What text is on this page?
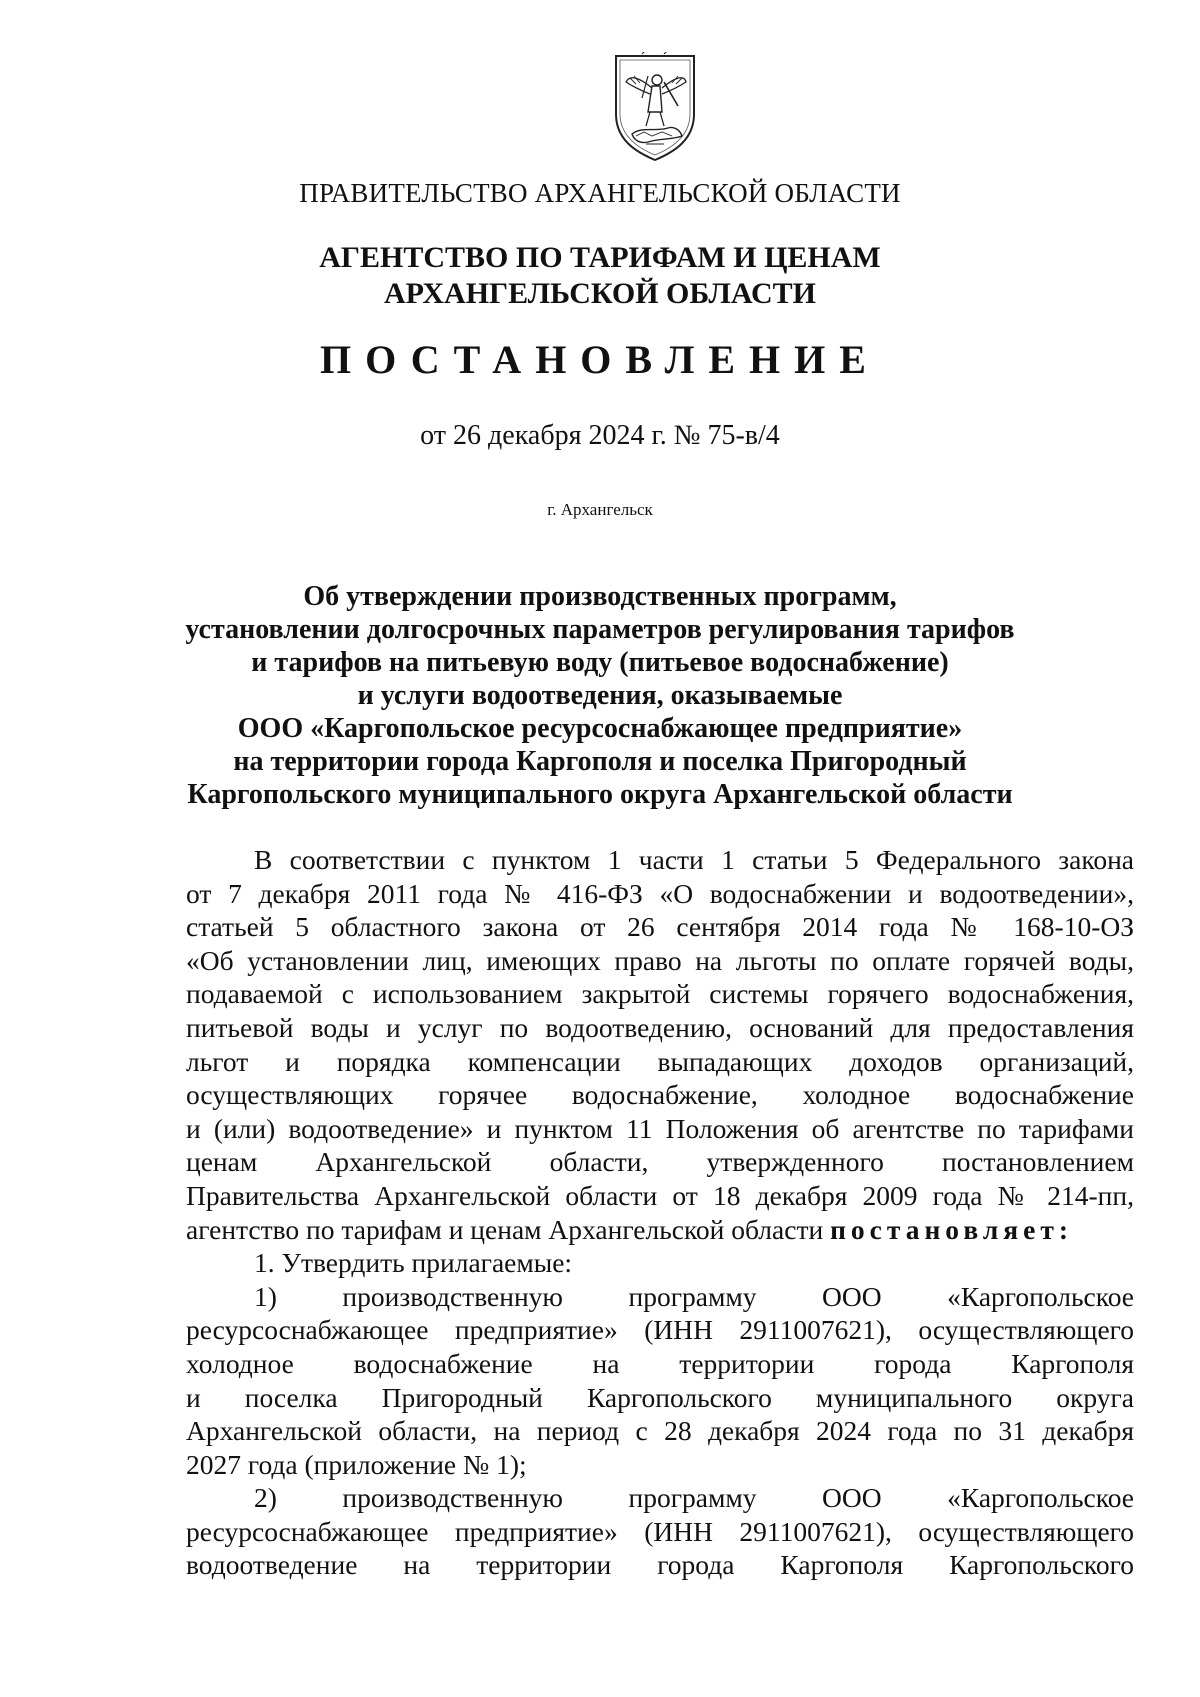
ПРАВИТЕЛЬСТВО АРХАНГЕЛЬСКОЙ ОБЛАСТИ
АГЕНТСТВО ПО ТАРИФАМ И ЦЕНАМ
АРХАНГЕЛЬСКОЙ ОБЛАСТИ
ПОСТАНОВЛЕНИЕ
от 26 декабря 2024 г. № 75-в/4
г. Архангельск
Об утверждении производственных программ,
установлении долгосрочных параметров регулирования тарифов
и тарифов на питьевую воду (питьевое водоснабжение)
и услуги водоотведения, оказываемые
ООО «Каргопольское ресурсоснабжающее предприятие»
на территории города Каргополя и поселка Пригородный
Каргопольского муниципального округа Архангельской области
В соответствии с пунктом 1 части 1 статьи 5 Федерального закона
от 7 декабря 2011 года № 416-ФЗ «О водоснабжении и водоотведении»,
статьей 5 областного закона от 26 сентября 2014 года № 168-10-ОЗ
«Об установлении лиц, имеющих право на льготы по оплате горячей воды,
подаваемой с использованием закрытой системы горячего водоснабжения,
питьевой воды и услуг по водоотведению, оснований для предоставления
льгот и порядка компенсации выпадающих доходов организаций,
осуществляющих горячее водоснабжение, холодное водоснабжение
и (или) водоотведение» и пунктом 11 Положения об агентстве по тарифами
ценам Архангельской области, утвержденного постановлением
Правительства Архангельской области от 18 декабря 2009 года № 214-пп,
агентство по тарифам и ценам Архангельской области постановляет:
1. Утвердить прилагаемые:
1) производственную программу ООО «Каргопольское
ресурсоснабжающее предприятие» (ИНН 2911007621), осуществляющего
холодное водоснабжение на территории города Каргополя
и поселка Пригородный Каргопольского муниципального округа
Архангельской области, на период с 28 декабря 2024 года по 31 декабря
2027 года (приложение № 1);
2) производственную программу ООО «Каргопольское
ресурсоснабжающее предприятие» (ИНН 2911007621), осуществляющего
водоотведение на территории города Каргополя Каргопольского
